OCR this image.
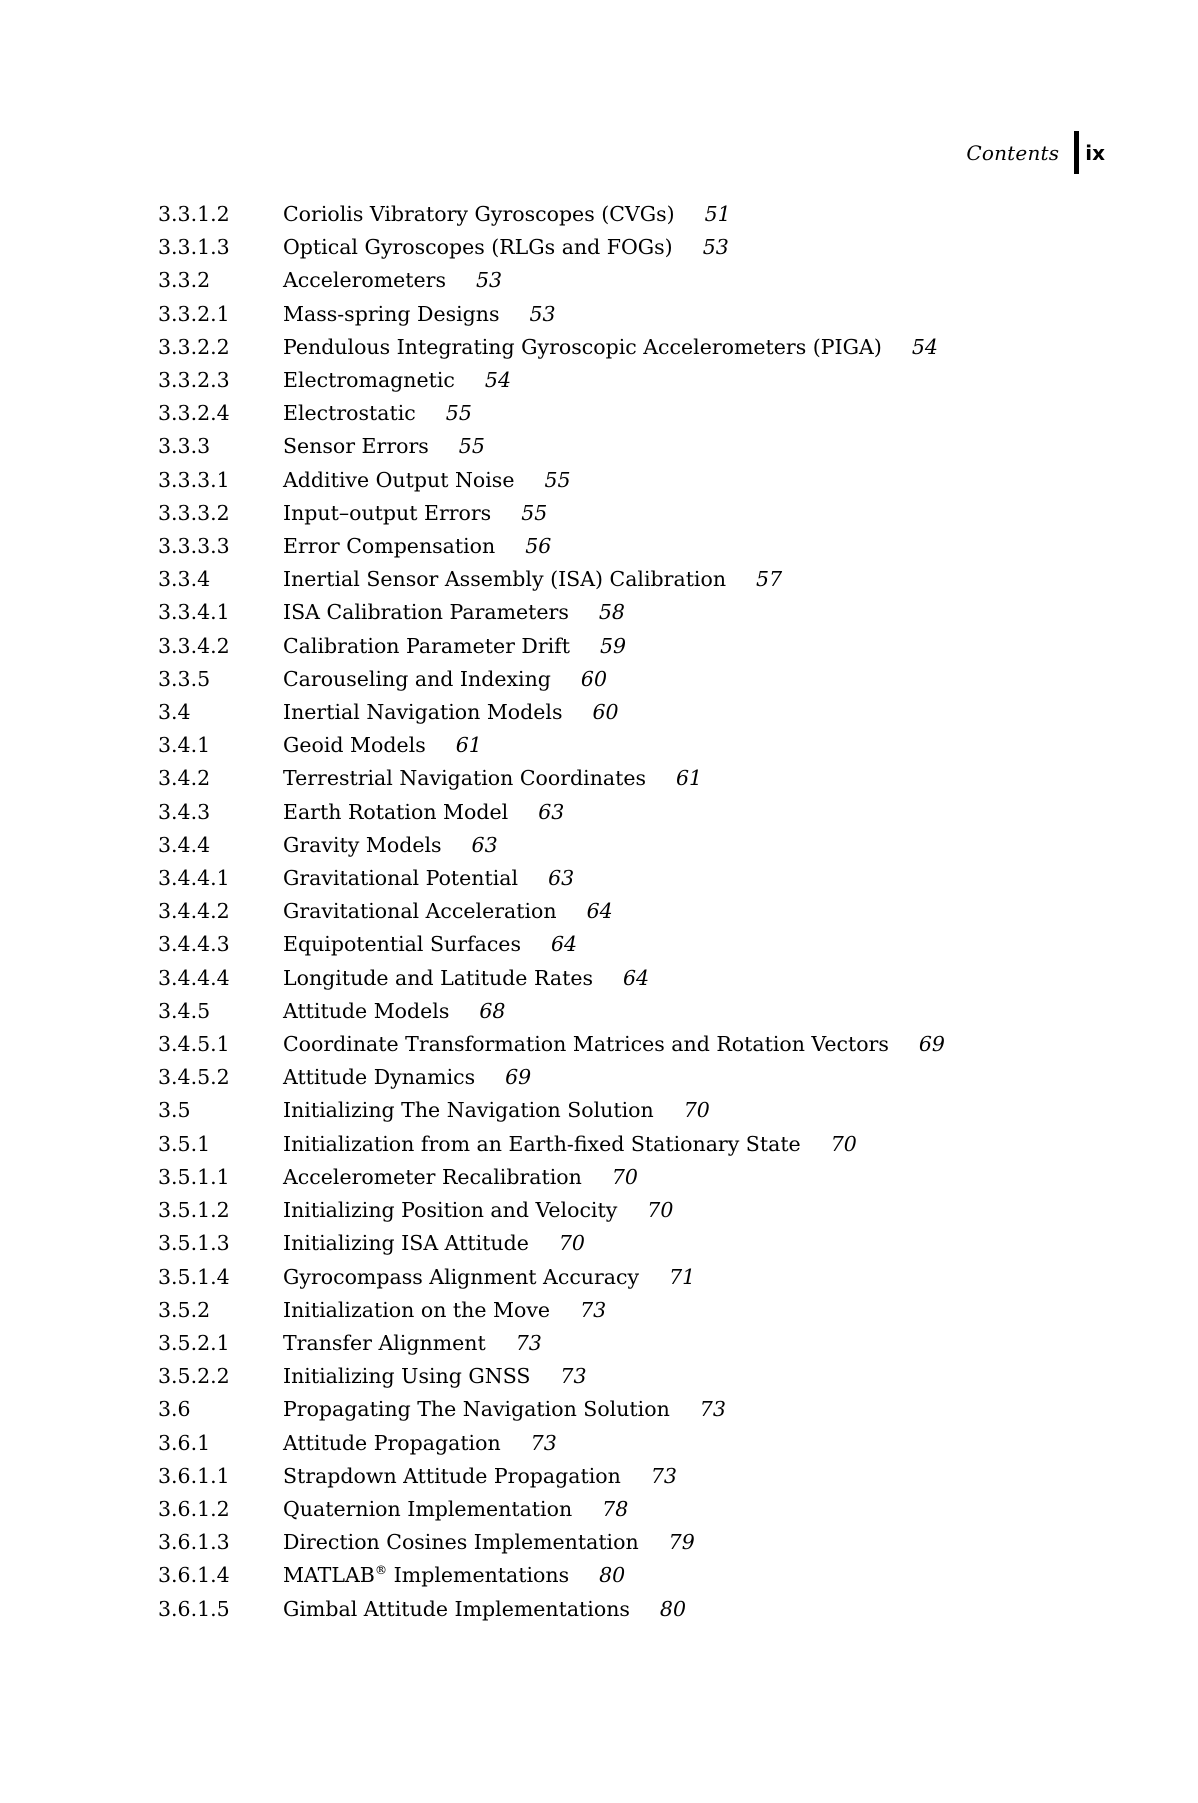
Contents ix
3.3.1.2	Coriolis Vibratory Gyroscopes (CVGs) 51
3.3.1.3	Optical Gyroscopes (RLGs and FOGs) 53
3.3.2	Accelerometers 53
3.3.2.1	Mass-spring Designs 53
3.3.2.2	Pendulous Integrating Gyroscopic Accelerometers (PIGA) 54
3.3.2.3	Electromagnetic 54
3.3.2.4	Electrostatic 55
3.3.3	Sensor Errors 55
3.3.3.1	Additive Output Noise 55
3.3.3.2	Input–output Errors 55
3.3.3.3	Error Compensation 56
3.3.4	Inertial Sensor Assembly (ISA) Calibration 57
3.3.4.1	ISA Calibration Parameters 58
3.3.4.2	Calibration Parameter Drift 59
3.3.5	Carouseling and Indexing 60
3.4	Inertial Navigation Models 60
3.4.1	Geoid Models 61
3.4.2	Terrestrial Navigation Coordinates 61
3.4.3	Earth Rotation Model 63
3.4.4	Gravity Models 63
3.4.4.1	Gravitational Potential 63
3.4.4.2	Gravitational Acceleration 64
3.4.4.3	Equipotential Surfaces 64
3.4.4.4	Longitude and Latitude Rates 64
3.4.5	Attitude Models 68
3.4.5.1	Coordinate Transformation Matrices and Rotation Vectors 69
3.4.5.2	Attitude Dynamics 69
3.5	Initializing The Navigation Solution 70
3.5.1	Initialization from an Earth-fixed Stationary State 70
3.5.1.1	Accelerometer Recalibration 70
3.5.1.2	Initializing Position and Velocity 70
3.5.1.3	Initializing ISA Attitude 70
3.5.1.4	Gyrocompass Alignment Accuracy 71
3.5.2	Initialization on the Move 73
3.5.2.1	Transfer Alignment 73
3.5.2.2	Initializing Using GNSS 73
3.6	Propagating The Navigation Solution 73
3.6.1	Attitude Propagation 73
3.6.1.1	Strapdown Attitude Propagation 73
3.6.1.2	Quaternion Implementation 78
3.6.1.3	Direction Cosines Implementation 79
3.6.1.4	MATLAB® Implementations 80
3.6.1.5	Gimbal Attitude Implementations 80
